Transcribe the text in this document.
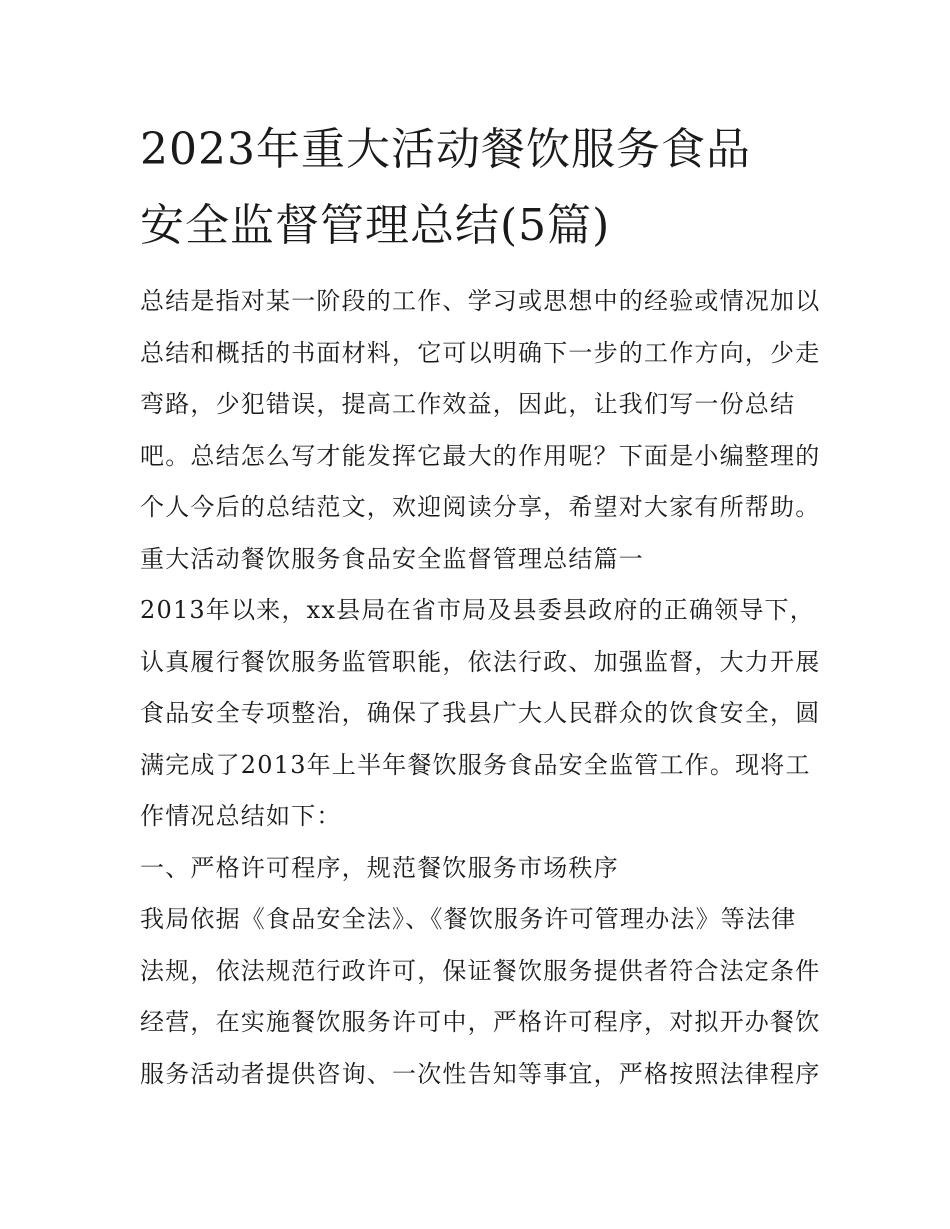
2023年重大活动餐饮服务食品
安全监督管理总结(5篇)
总结是指对某一阶段的工作、学习或思想中的经验或情况加以
总结和概括的书面材料，它可以明确下一步的工作方向，少走
弯路，少犯错误，提高工作效益，因此，让我们写一份总结
吧。总结怎么写才能发挥它最大的作用呢？下面是小编整理的
个人今后的总结范文，欢迎阅读分享，希望对大家有所帮助。
重大活动餐饮服务食品安全监督管理总结篇一
2013年以来，xx县局在省市局及县委县政府的正确领导下，
认真履行餐饮服务监管职能，依法行政、加强监督，大力开展
食品安全专项整治，确保了我县广大人民群众的饮食安全，圆
满完成了2013年上半年餐饮服务食品安全监管工作。现将工
作情况总结如下：
一、严格许可程序，规范餐饮服务市场秩序
我局依据《食品安全法》、《餐饮服务许可管理办法》等法律
法规，依法规范行政许可，保证餐饮服务提供者符合法定条件
经营，在实施餐饮服务许可中，严格许可程序，对拟开办餐饮
服务活动者提供咨询、一次性告知等事宜，严格按照法律程序
